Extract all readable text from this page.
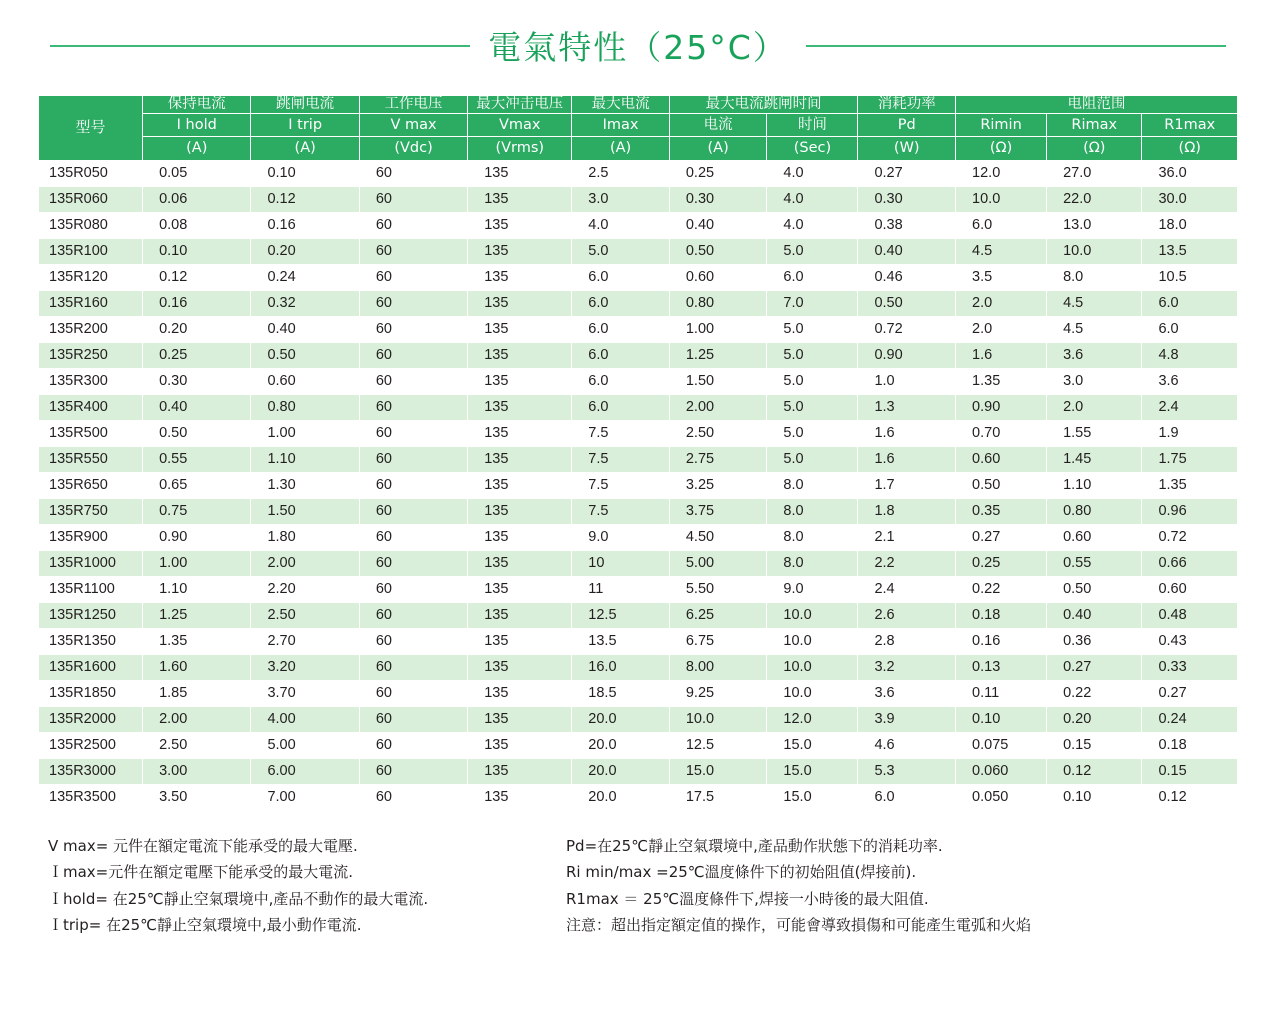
電氣特性（25°C）
型号	保持电流	跳闸电流	工作电压	最大冲击电压	最大电流	最大电流跳闸时间		消耗功率	电阻范围		
	I hold	I trip	V max	Vmax	Imax	电流	时间	Pd	Rimin	Rimax	R1max
	(A)	(A)	(Vdc)	(Vrms)	(A)	(A)	(Sec)	(W)	(Ω)	(Ω)	(Ω)
135R050	0.05	0.10	60	135	2.5	0.25	4.0	0.27	12.0	27.0	36.0
135R060	0.06	0.12	60	135	3.0	0.30	4.0	0.30	10.0	22.0	30.0
135R080	0.08	0.16	60	135	4.0	0.40	4.0	0.38	6.0	13.0	18.0
135R100	0.10	0.20	60	135	5.0	0.50	5.0	0.40	4.5	10.0	13.5
135R120	0.12	0.24	60	135	6.0	0.60	6.0	0.46	3.5	8.0	10.5
135R160	0.16	0.32	60	135	6.0	0.80	7.0	0.50	2.0	4.5	6.0
135R200	0.20	0.40	60	135	6.0	1.00	5.0	0.72	2.0	4.5	6.0
135R250	0.25	0.50	60	135	6.0	1.25	5.0	0.90	1.6	3.6	4.8
135R300	0.30	0.60	60	135	6.0	1.50	5.0	1.0	1.35	3.0	3.6
135R400	0.40	0.80	60	135	6.0	2.00	5.0	1.3	0.90	2.0	2.4
135R500	0.50	1.00	60	135	7.5	2.50	5.0	1.6	0.70	1.55	1.9
135R550	0.55	1.10	60	135	7.5	2.75	5.0	1.6	0.60	1.45	1.75
135R650	0.65	1.30	60	135	7.5	3.25	8.0	1.7	0.50	1.10	1.35
135R750	0.75	1.50	60	135	7.5	3.75	8.0	1.8	0.35	0.80	0.96
135R900	0.90	1.80	60	135	9.0	4.50	8.0	2.1	0.27	0.60	0.72
135R1000	1.00	2.00	60	135	10	5.00	8.0	2.2	0.25	0.55	0.66
135R1100	1.10	2.20	60	135	11	5.50	9.0	2.4	0.22	0.50	0.60
135R1250	1.25	2.50	60	135	12.5	6.25	10.0	2.6	0.18	0.40	0.48
135R1350	1.35	2.70	60	135	13.5	6.75	10.0	2.8	0.16	0.36	0.43
135R1600	1.60	3.20	60	135	16.0	8.00	10.0	3.2	0.13	0.27	0.33
135R1850	1.85	3.70	60	135	18.5	9.25	10.0	3.6	0.11	0.22	0.27
135R2000	2.00	4.00	60	135	20.0	10.0	12.0	3.9	0.10	0.20	0.24
135R2500	2.50	5.00	60	135	20.0	12.5	15.0	4.6	0.075	0.15	0.18
135R3000	3.00	6.00	60	135	20.0	15.0	15.0	5.3	0.060	0.12	0.15
135R3500	3.50	7.00	60	135	20.0	17.5	15.0	6.0	0.050	0.10	0.12
V max= 元件在額定電流下能承受的最大電壓.
Ｉmax=元件在額定電壓下能承受的最大電流.
Ｉhold= 在25℃靜止空氣環境中,產品不動作的最大電流.
Ｉtrip= 在25℃靜止空氣環境中,最小動作電流.
Pd=在25℃靜止空氣環境中,產品動作狀態下的消耗功率.
Ri min/max =25℃溫度條件下的初始阻值(焊接前).
R1max ＝ 25℃溫度條件下,焊接一小時後的最大阻值.
注意：超出指定額定值的操作，可能會導致損傷和可能產生電弧和火焰
